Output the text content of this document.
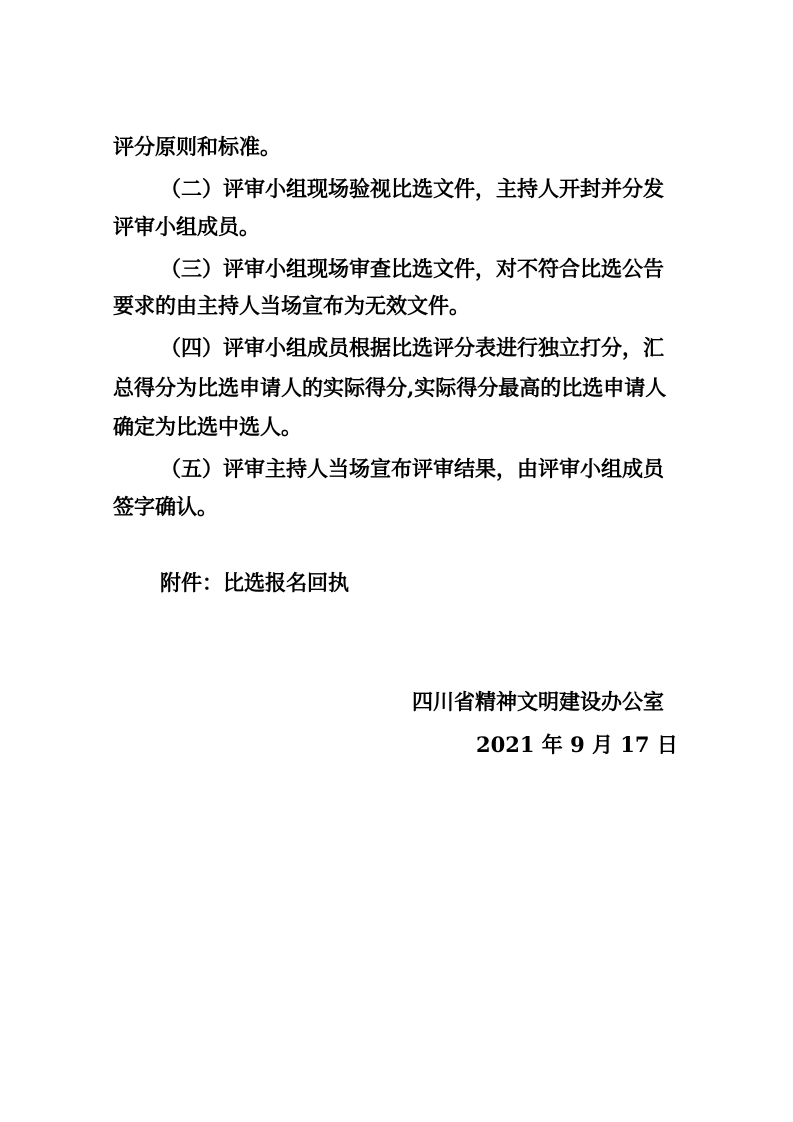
评分原则和标准。
（二）评审小组现场验视比选文件，主持人开封并分发
评审小组成员。
（三）评审小组现场审查比选文件，对不符合比选公告
要求的由主持人当场宣布为无效文件。
（四）评审小组成员根据比选评分表进行独立打分，汇
总得分为比选申请人的实际得分,实际得分最高的比选申请人
确定为比选中选人。
（五）评审主持人当场宣布评审结果，由评审小组成员
签字确认。
附件：比选报名回执
四川省精神文明建设办公室
2021 年 9 月 17 日
